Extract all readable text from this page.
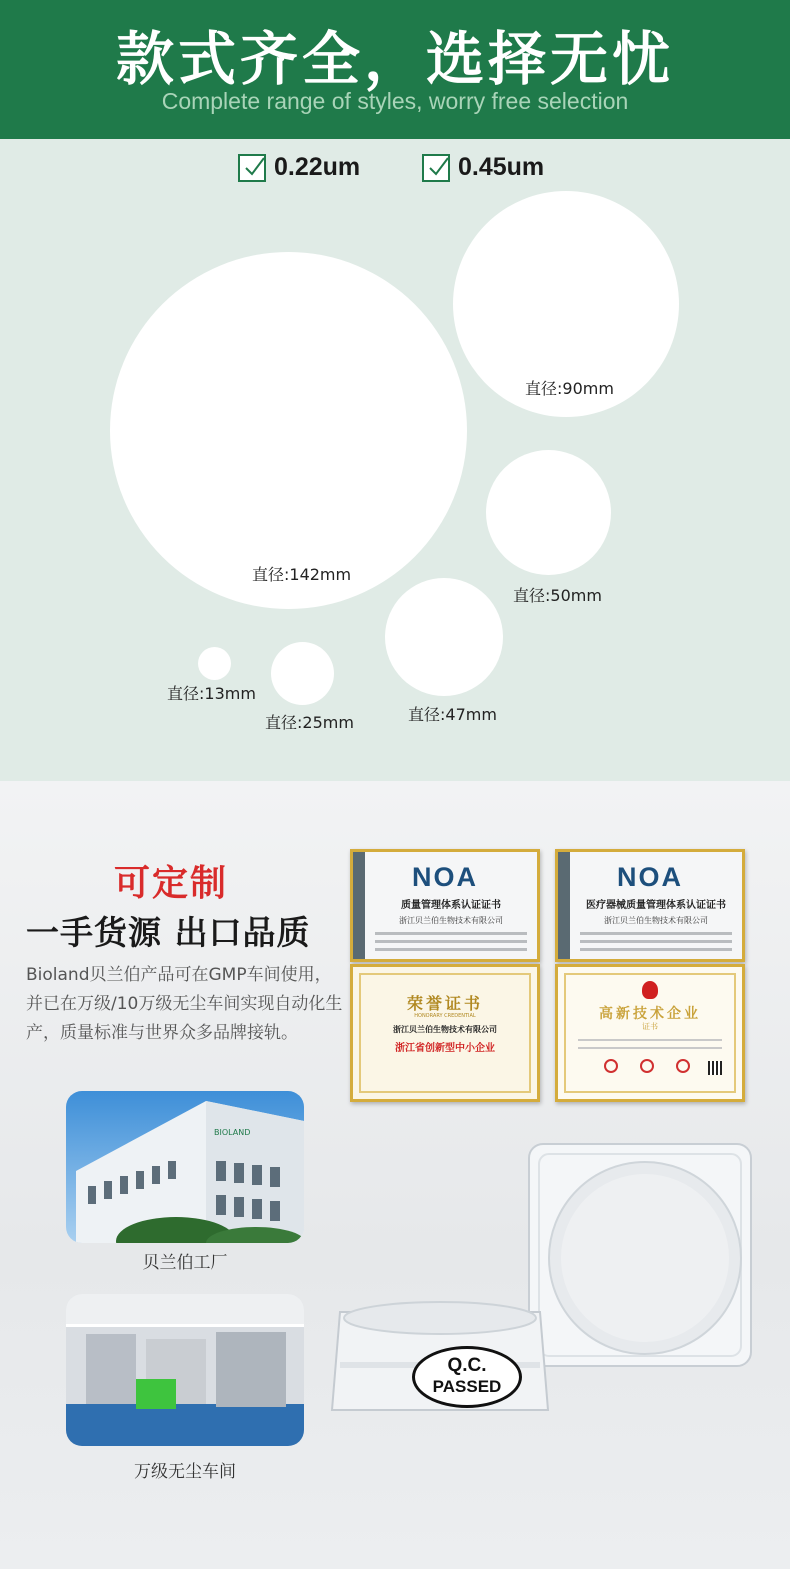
款式齐全，选择无忧
Complete range of styles, worry free selection
0.22um	0.45um
直径:142mm
直径:90mm
直径:50mm
直径:47mm
直径:25mm
直径:13mm
可定制
一手货源 出口品质
Bioland贝兰伯产品可在GMP车间使用，并已在万级/10万级无尘车间实现自动化生产，质量标准与世界众多品牌接轨。
NOA
质量管理体系认证证书
浙江贝兰伯生物技术有限公司
NOA
医疗器械质量管理体系认证证书
浙江贝兰伯生物技术有限公司
荣誉证书
HONORARY CREDENTIAL
浙江贝兰伯生物技术有限公司
浙江省创新型中小企业
高新技术企业
证书
BIOLAND
贝兰伯工厂
万级无尘车间
Q.C.
PASSED
